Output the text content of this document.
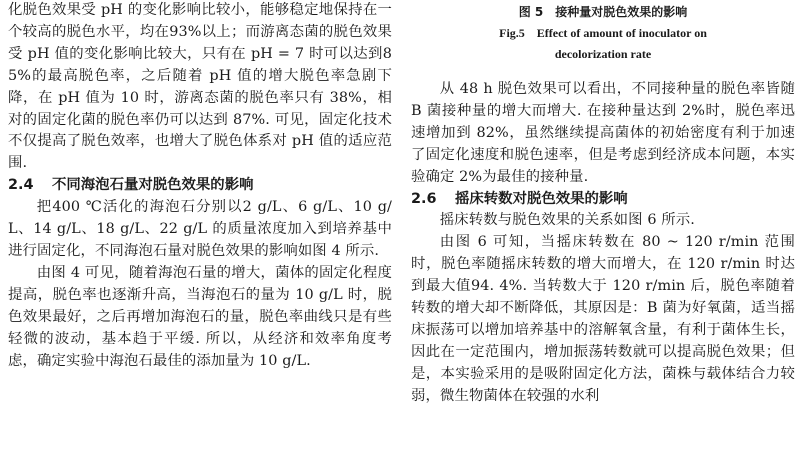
化脱色效果受 pH 的变化影响比较小，能够稳定地保持在一个较高的脱色水平，均在93%以上；而游离态菌的脱色效果受 pH 值的变化影响比较大，只有在 pH = 7 时可以达到85%的最高脱色率，之后随着 pH 值的增大脱色率急剧下降，在 pH 值为 10 时，游离态菌的脱色率只有 38%，相对的固定化菌的脱色率仍可以达到 87%. 可见，固定化技术不仅提高了脱色效率，也增大了脱色体系对 pH 值的适应范围.

2.4 不同海泡石量对脱色效果的影响

把400 ℃活化的海泡石分别以2 g/L、6 g/L、10 g/L、14 g/L、18 g/L、22 g/L 的质量浓度加入到培养基中进行固定化，不同海泡石量对脱色效果的影响如图 4 所示.

由图 4 可见，随着海泡石量的增大，菌体的固定化程度提高，脱色率也逐渐升高，当海泡石的量为 10 g/L 时，脱色效果最好，之后再增加海泡石的量，脱色率曲线只是有些轻微的波动，基本趋于平缓. 所以，从经济和效率角度考虑，确定实验中海泡石最佳的添加量为 10 g/L.

图 5　接种量对脱色效果的影响
Fig.5　Effect of amount of inoculator on
decolorization rate

从 48 h 脱色效果可以看出，不同接种量的脱色率皆随 B 菌接种量的增大而增大. 在接种量达到 2%时，脱色率迅速增加到 82%，虽然继续提高菌体的初始密度有利于加速了固定化速度和脱色速率，但是考虑到经济成本问题，本实验确定 2%为最佳的接种量.

2.6 摇床转数对脱色效果的影响

摇床转数与脱色效果的关系如图 6 所示.

由图 6 可知，当摇床转数在 80 ~ 120 r/min 范围时，脱色率随摇床转数的增大而增大，在 120 r/min 时达到最大值94. 4%. 当转数大于 120 r/min 后，脱色率随着转数的增大却不断降低，其原因是：B 菌为好氧菌，适当摇床振荡可以增加培养基中的溶解氧含量，有利于菌体生长，因此在一定范围内，增加振荡转数就可以提高脱色效果；但是，本实验采用的是吸附固定化方法，菌株与载体结合力较弱，微生物菌体在较强的水利
